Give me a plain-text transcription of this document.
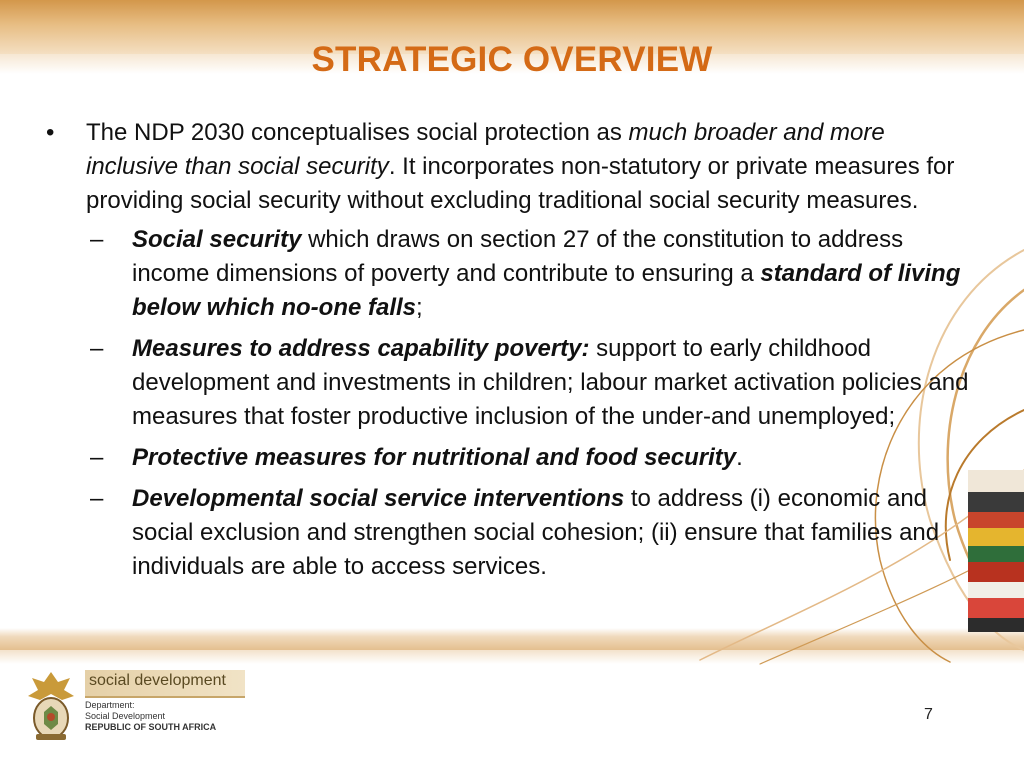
STRATEGIC OVERVIEW
•	The NDP 2030 conceptualises social protection as much broader and more inclusive than social security. It incorporates non-statutory or private measures for providing social security without excluding traditional social security measures.
–	Social security which draws on section 27 of the constitution to address income dimensions of poverty and contribute to ensuring a standard of living below which no-one falls;
–	Measures to address capability poverty: support to early childhood development and investments in children; labour market activation policies and measures that foster productive inclusion of the under-and unemployed;
–	Protective measures for nutritional and food security.
–	Developmental social service interventions to address (i) economic and social exclusion and strengthen social cohesion; (ii) ensure that families and individuals are able to access services.
social development
Department:
Social Development
REPUBLIC OF SOUTH AFRICA
7
